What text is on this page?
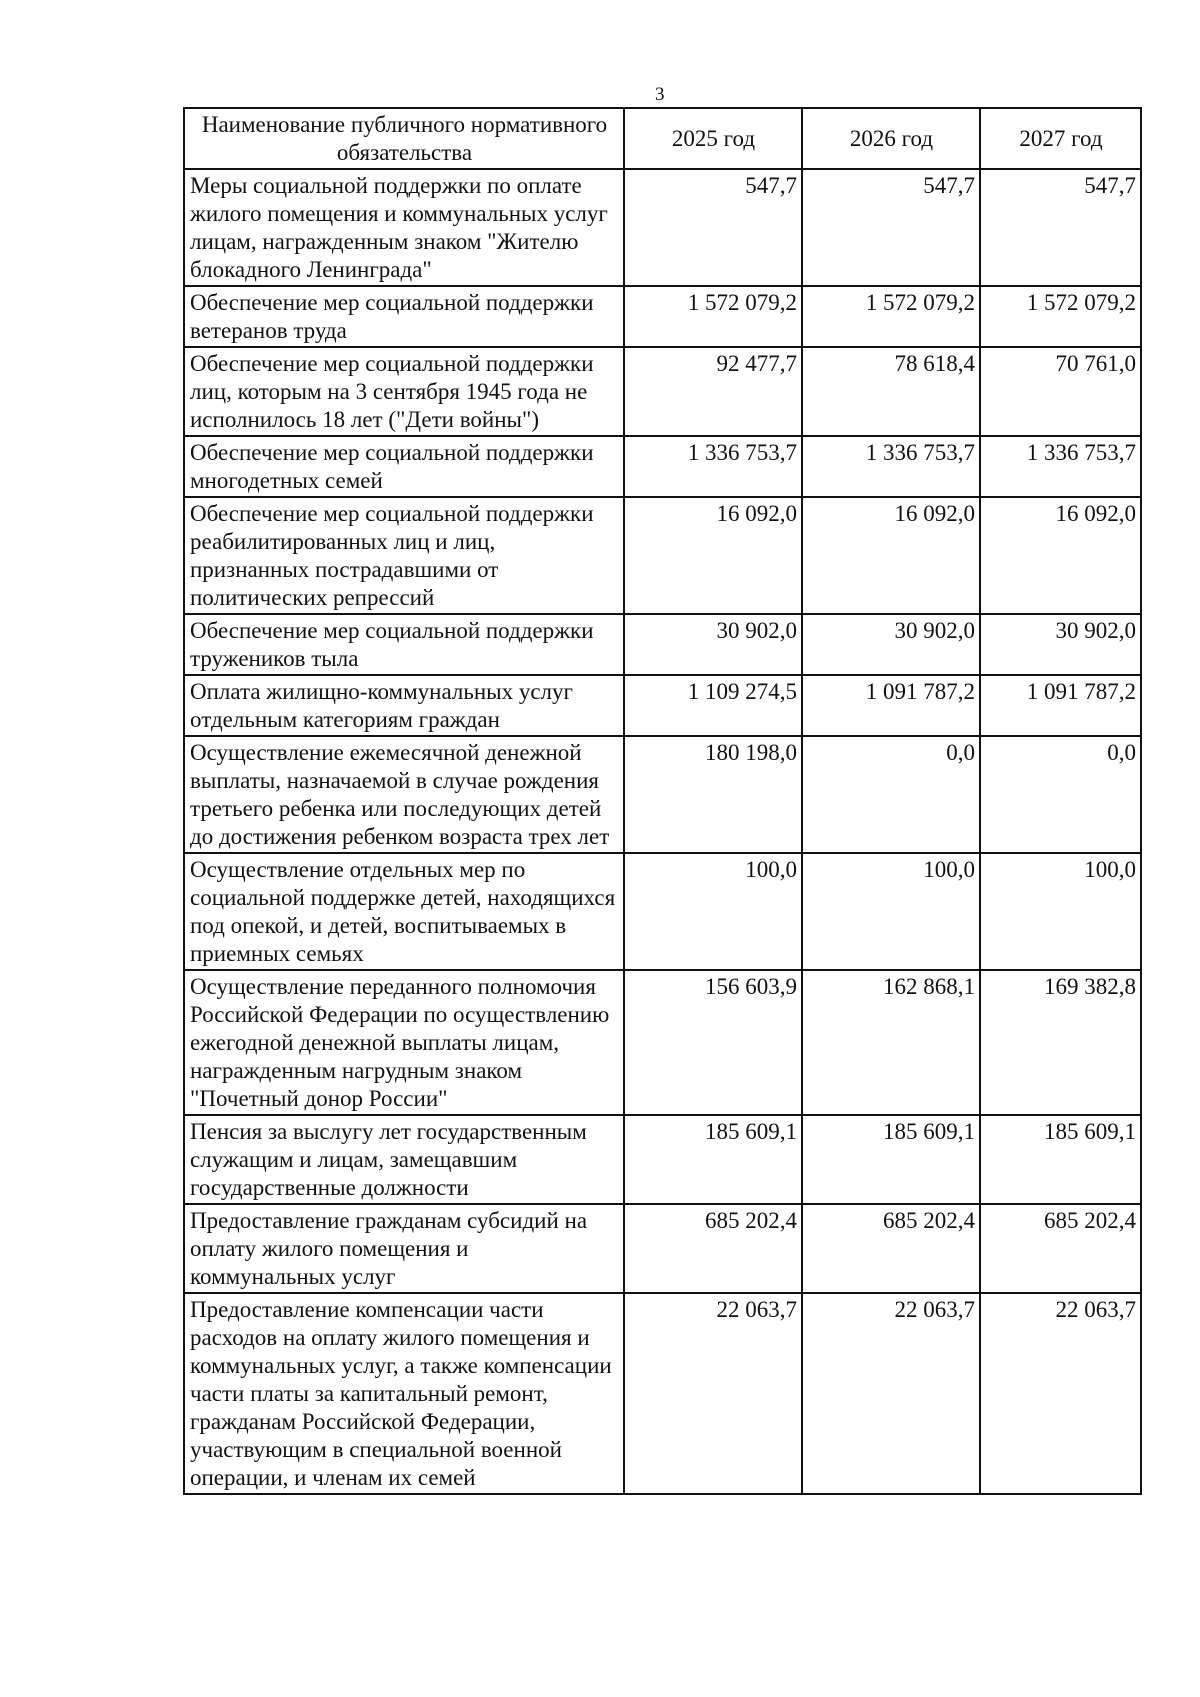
3
Наименование публичного нормативного обязательства	2025 год	2026 год	2027 год
Меры социальной поддержки по оплате жилого помещения и коммунальных услуг лицам, награжденным знаком "Жителю блокадного Ленинграда"	547,7	547,7	547,7
Обеспечение мер социальной поддержки ветеранов труда	1 572 079,2	1 572 079,2	1 572 079,2
Обеспечение мер социальной поддержки лиц, которым на 3 сентября 1945 года не исполнилось 18 лет ("Дети войны")	92 477,7	78 618,4	70 761,0
Обеспечение мер социальной поддержки многодетных семей	1 336 753,7	1 336 753,7	1 336 753,7
Обеспечение мер социальной поддержки реабилитированных лиц и лиц, признанных пострадавшими от политических репрессий	16 092,0	16 092,0	16 092,0
Обеспечение мер социальной поддержки тружеников тыла	30 902,0	30 902,0	30 902,0
Оплата жилищно-коммунальных услуг отдельным категориям граждан	1 109 274,5	1 091 787,2	1 091 787,2
Осуществление ежемесячной денежной выплаты, назначаемой в случае рождения третьего ребенка или последующих детей до достижения ребенком возраста трех лет	180 198,0	0,0	0,0
Осуществление отдельных мер по социальной поддержке детей, находящихся под опекой, и детей, воспитываемых в приемных семьях	100,0	100,0	100,0
Осуществление переданного полномочия Российской Федерации по осуществлению ежегодной денежной выплаты лицам, награжденным нагрудным знаком "Почетный донор России"	156 603,9	162 868,1	169 382,8
Пенсия за выслугу лет государственным служащим и лицам, замещавшим государственные должности	185 609,1	185 609,1	185 609,1
Предоставление гражданам субсидий на оплату жилого помещения и коммунальных услуг	685 202,4	685 202,4	685 202,4
Предоставление компенсации части расходов на оплату жилого помещения и коммунальных услуг, а также компенсации части платы за капитальный ремонт, гражданам Российской Федерации, участвующим в специальной военной операции, и членам их семей	22 063,7	22 063,7	22 063,7
